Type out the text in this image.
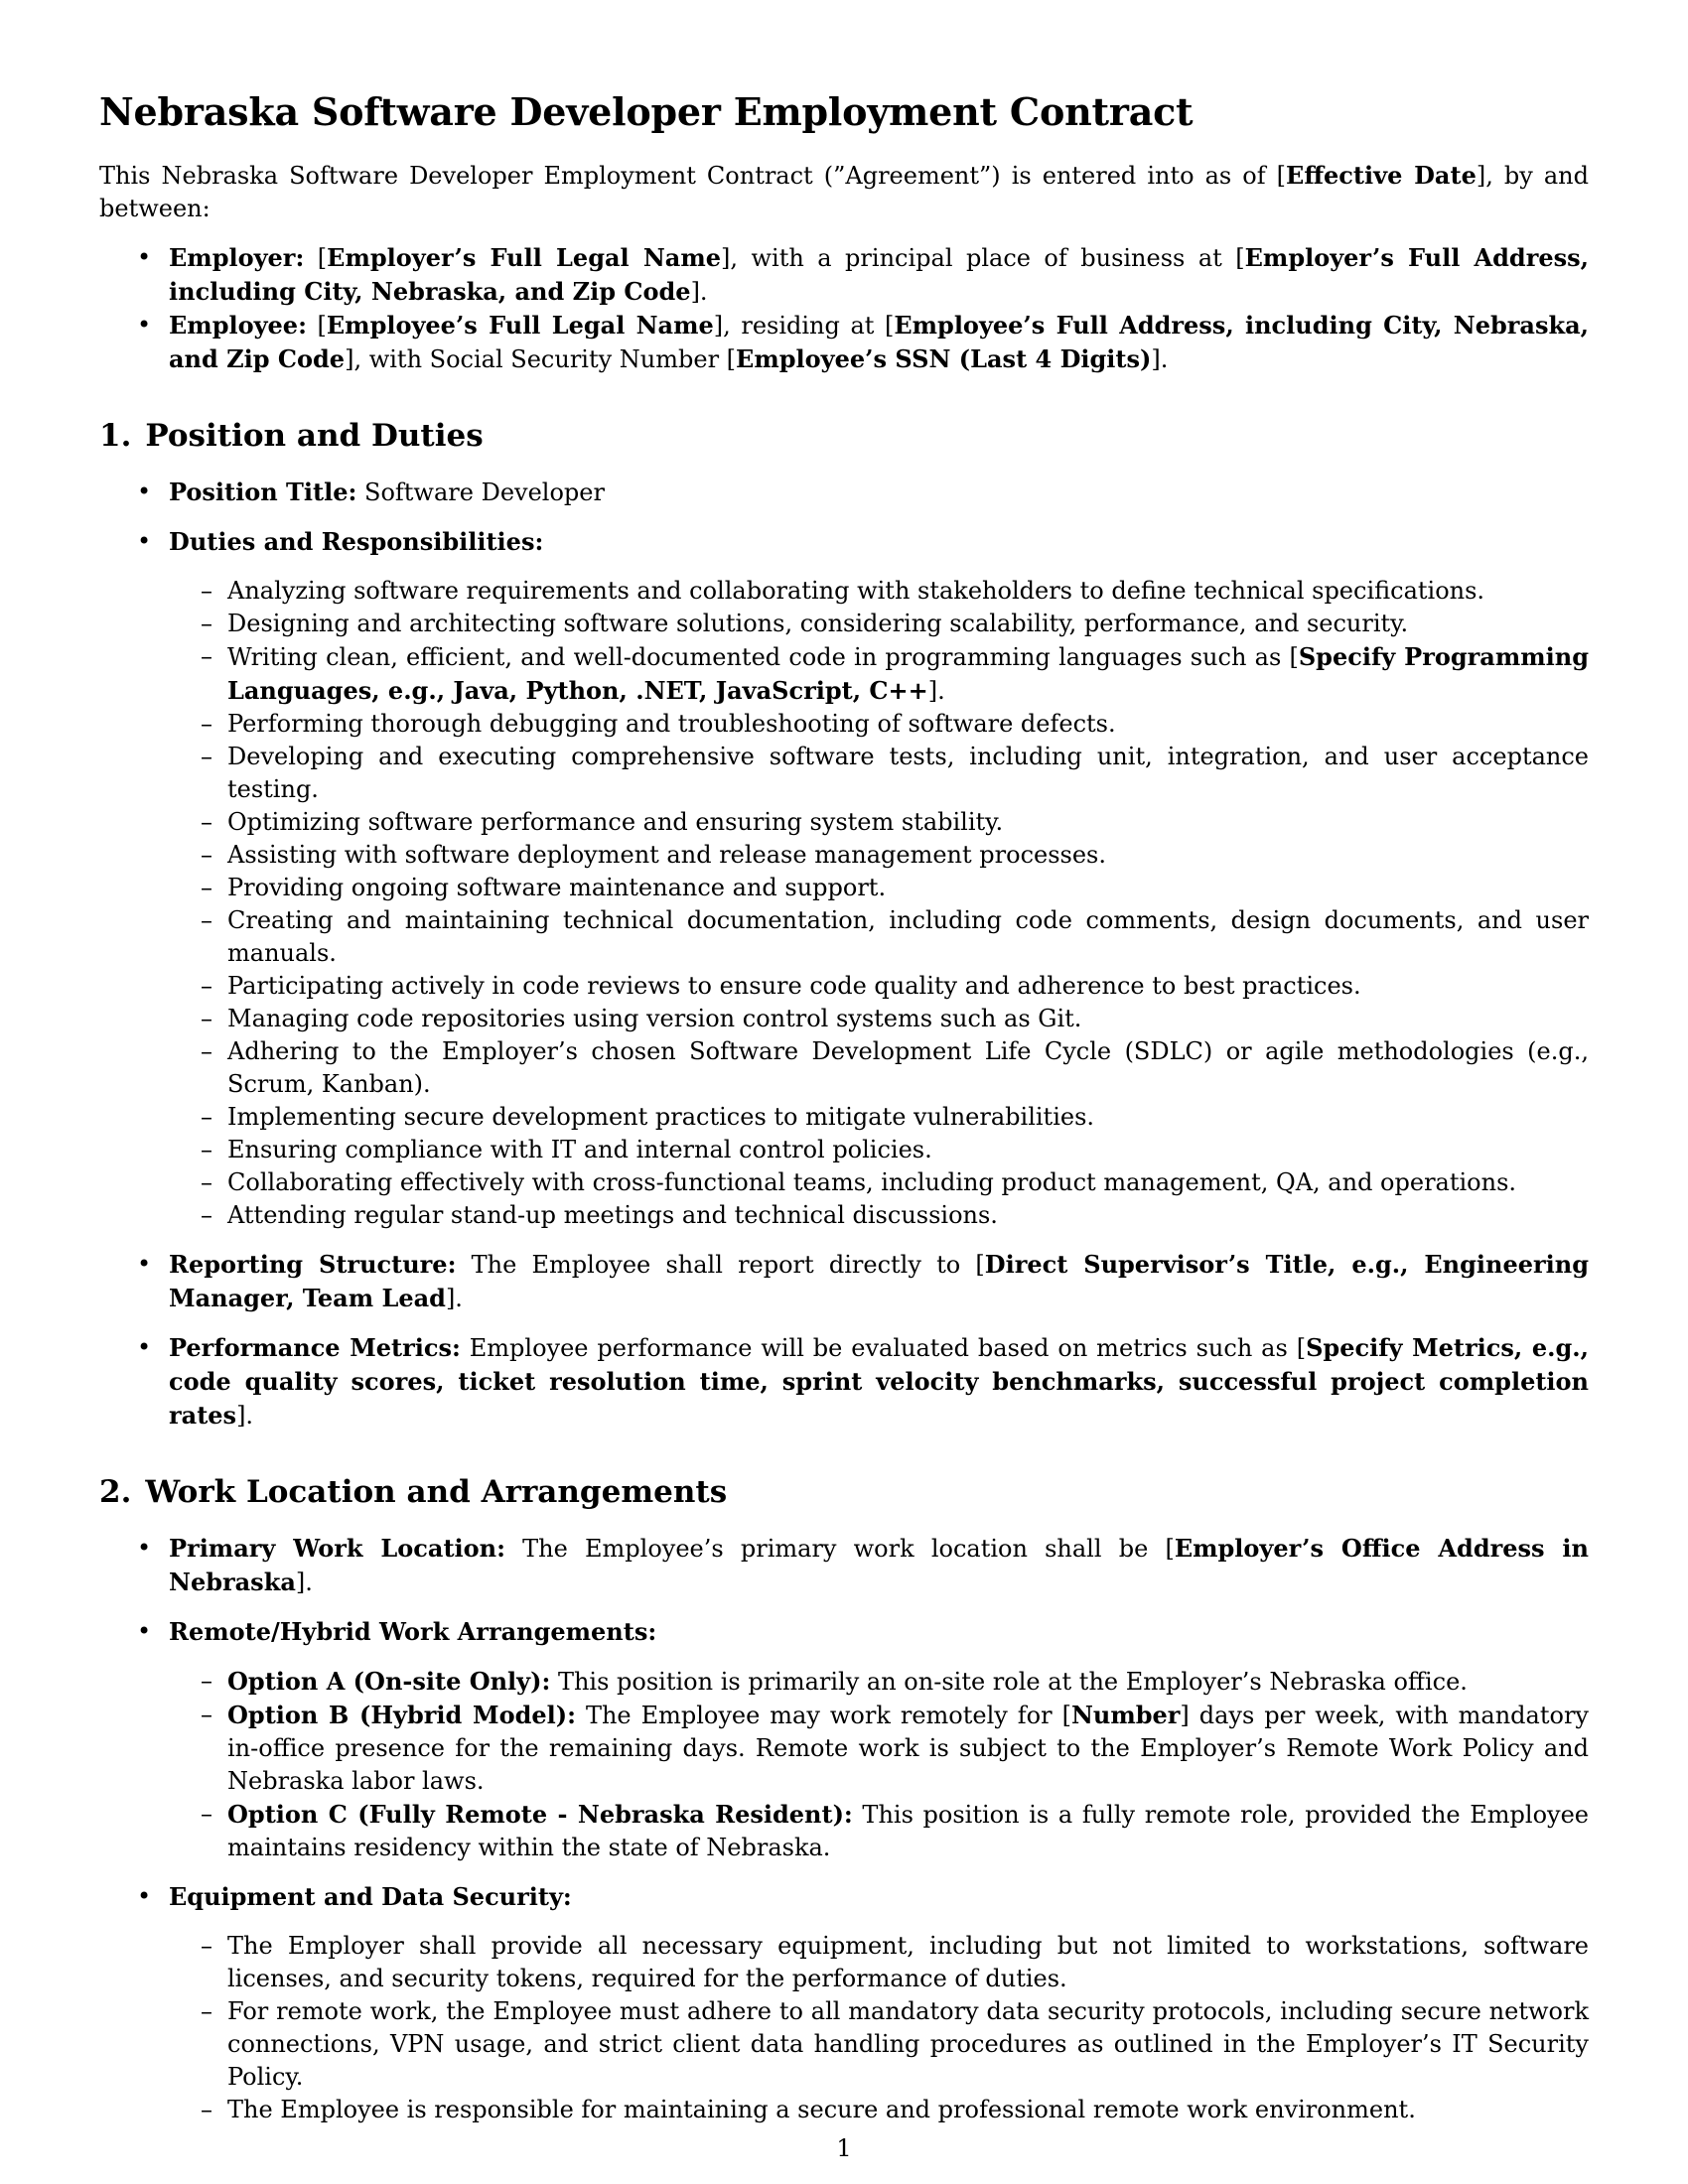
Nebraska Software Developer Employment Contract

This Nebraska Software Developer Employment Contract (”Agreement”) is entered into as of [Effective Date], by and between:

• Employer: [Employer’s Full Legal Name], with a principal place of business at [Employer’s Full Address, including City, Nebraska, and Zip Code].
• Employee: [Employee’s Full Legal Name], residing at [Employee’s Full Address, including City, Nebraska, and Zip Code], with Social Security Number [Employee’s SSN (Last 4 Digits)].
1. Position and Duties
• Position Title: Software Developer
• Duties and Responsibilities:
– Analyzing software requirements and collaborating with stakeholders to define technical specifications.
– Designing and architecting software solutions, considering scalability, performance, and security.
– Writing clean, efficient, and well-documented code in programming languages such as [Specify Programming Languages, e.g., Java, Python, .NET, JavaScript, C++].
– Performing thorough debugging and troubleshooting of software defects.
– Developing and executing comprehensive software tests, including unit, integration, and user acceptance testing.
– Optimizing software performance and ensuring system stability.
– Assisting with software deployment and release management processes.
– Providing ongoing software maintenance and support.
– Creating and maintaining technical documentation, including code comments, design documents, and user manuals.
– Participating actively in code reviews to ensure code quality and adherence to best practices.
– Managing code repositories using version control systems such as Git.
– Adhering to the Employer’s chosen Software Development Life Cycle (SDLC) or agile methodologies (e.g., Scrum, Kanban).
– Implementing secure development practices to mitigate vulnerabilities.
– Ensuring compliance with IT and internal control policies.
– Collaborating effectively with cross-functional teams, including product management, QA, and operations.
– Attending regular stand-up meetings and technical discussions.
• Reporting Structure: The Employee shall report directly to [Direct Supervisor’s Title, e.g., Engineering Manager, Team Lead].
• Performance Metrics: Employee performance will be evaluated based on metrics such as [Specify Metrics, e.g., code quality scores, ticket resolution time, sprint velocity benchmarks, successful project completion rates].
2. Work Location and Arrangements
• Primary Work Location: The Employee’s primary work location shall be [Employer’s Office Address in Nebraska].
• Remote/Hybrid Work Arrangements:
– Option A (On-site Only): This position is primarily an on-site role at the Employer’s Nebraska office.
– Option B (Hybrid Model): The Employee may work remotely for [Number] days per week, with mandatory in-office presence for the remaining days. Remote work is subject to the Employer’s Remote Work Policy and Nebraska labor laws.
– Option C (Fully Remote - Nebraska Resident): This position is a fully remote role, provided the Employee maintains residency within the state of Nebraska.
• Equipment and Data Security:
– The Employer shall provide all necessary equipment, including but not limited to workstations, software licenses, and security tokens, required for the performance of duties.
– For remote work, the Employee must adhere to all mandatory data security protocols, including secure network connections, VPN usage, and strict client data handling procedures as outlined in the Employer’s IT Security Policy.
– The Employee is responsible for maintaining a secure and professional remote work environment.
1
